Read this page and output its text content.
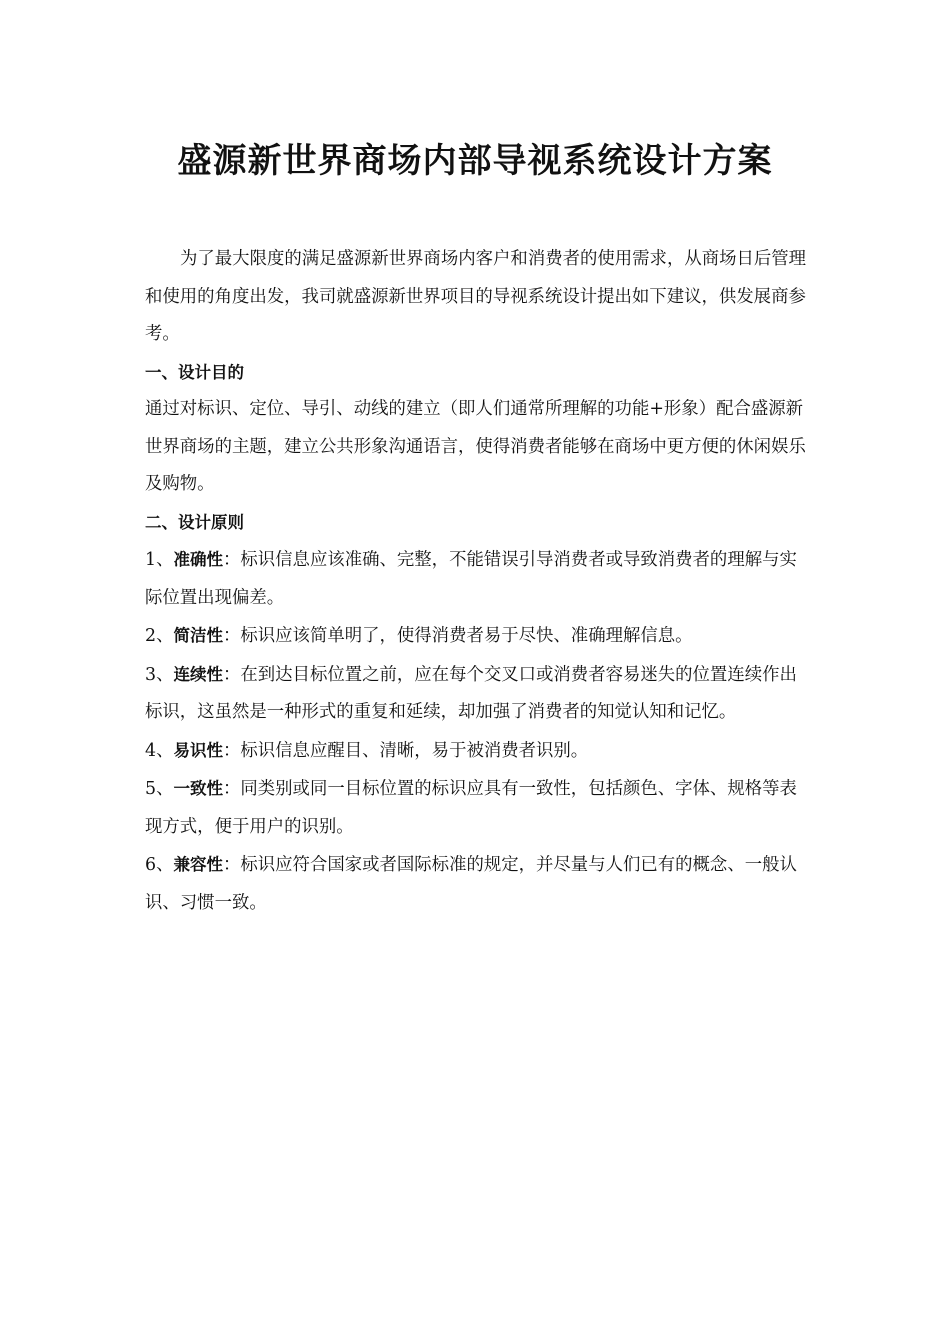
盛源新世界商场内部导视系统设计方案

为了最大限度的满足盛源新世界商场内客户和消费者的使用需求，从商场日后管理和使用的角度出发，我司就盛源新世界项目的导视系统设计提出如下建议，供发展商参考。

一、设计目的

通过对标识、定位、导引、动线的建立（即人们通常所理解的功能+形象）配合盛源新世界商场的主题，建立公共形象沟通语言，使得消费者能够在商场中更方便的休闲娱乐及购物。

二、设计原则

1、准确性：标识信息应该准确、完整，不能错误引导消费者或导致消费者的理解与实际位置出现偏差。

2、简洁性：标识应该简单明了，使得消费者易于尽快、准确理解信息。

3、连续性：在到达目标位置之前，应在每个交叉口或消费者容易迷失的位置连续作出标识，这虽然是一种形式的重复和延续，却加强了消费者的知觉认知和记忆。

4、易识性：标识信息应醒目、清晰，易于被消费者识别。

5、一致性：同类别或同一目标位置的标识应具有一致性，包括颜色、字体、规格等表现方式，便于用户的识别。

6、兼容性：标识应符合国家或者国际标准的规定，并尽量与人们已有的概念、一般认识、习惯一致。
